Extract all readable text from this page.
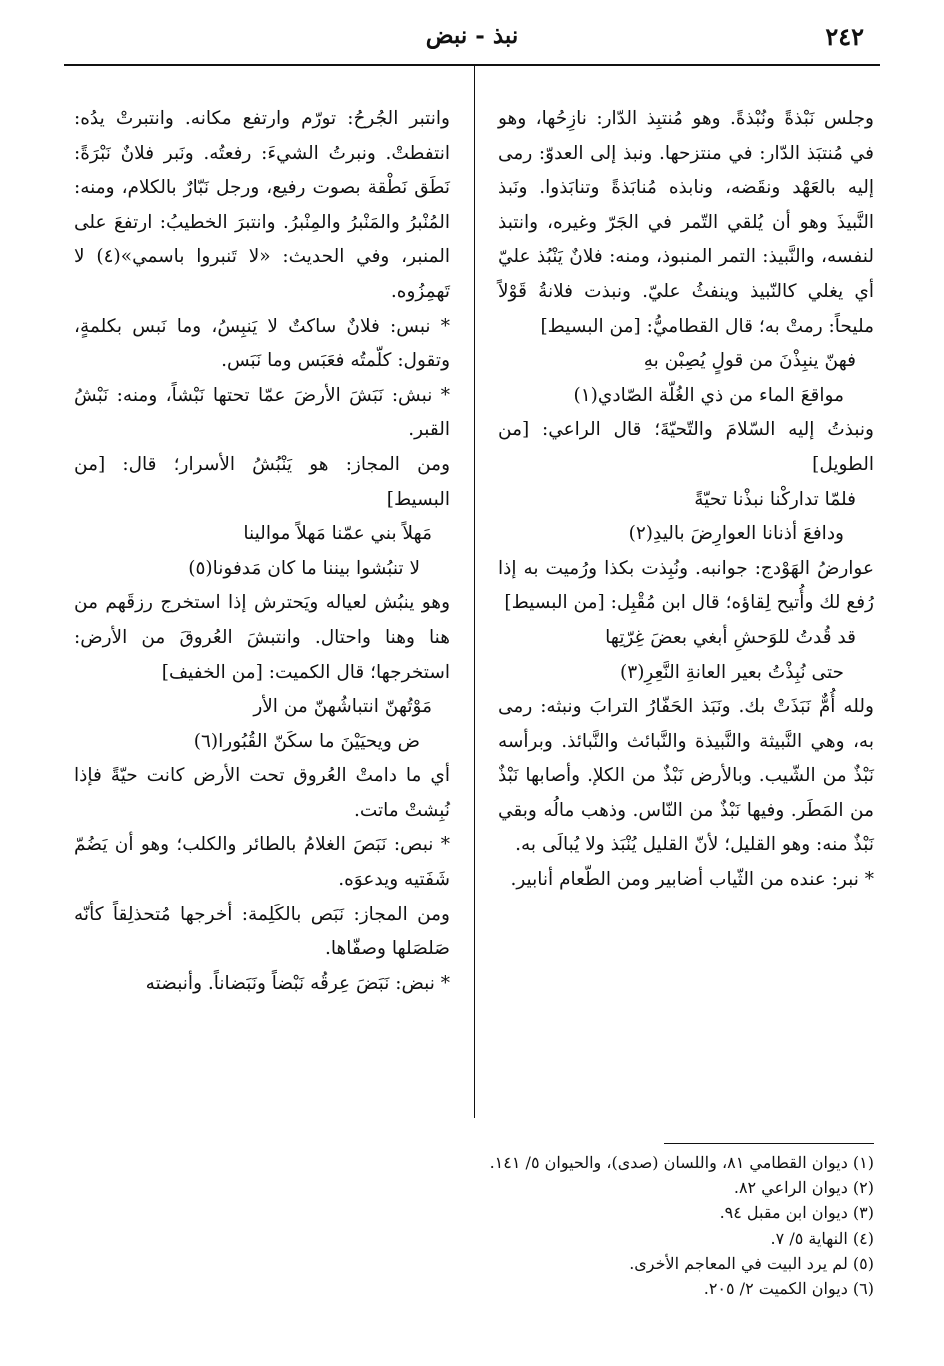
٢٤٢
نبذ - نبض

وجلس نَبْذةً ونُبْذةً. وهو مُنتبِذ الدّار: نازِحُها، وهو في مُنتبَذ الدّار: في منتزحها. ونبذ إلى العدوّ: رمى إليه بالعَهْد ونقَضه، ونابذه مُنابَذةً وتنابَذوا. ونَبذ النَّبيذَ وهو أن يُلقي التّمر في الجَرّ وغيره، وانتبذ لنفسه، والنَّبيذ: التمر المنبوذ، ومنه: فلانٌ يَنْبُذ عليّ أي يغلي كالنّبيذ وينفثُ عليّ. ونبذت فلانةُ قَوْلاً مليحاً: رمتْ به؛ قال القطاميُّ: [من البسيط]

فهنّ ينبِذْنَ من قولٍ يُصِبْن بهِ
مواقعَ الماء من ذي الغُلّة الصّادي(١)

ونبذتُ إليه السّلامَ والتّحيّةَ؛ قال الراعي: [من الطويل]

فلمّا تداركْنا نبذْنا تحيّةً
ودافعَ أذنانا العوارِضَ باليدِ(٢)

عوارضُ الهَوْدج: جوانبه. ونُبِذت بكذا ورُميت به إذا رُفع لك وأُتيح لِقاؤه؛ قال ابن مُقْبِل: [من البسيط]

قد قُدتُ للوَحشِ أبغي بعضَ غِرّتِها
حتى نُبِذْتُ بعير العانةِ النَّعِرِ(٣)

ولله أُمٌّ نَبَذَتْ بك. ونَبَذ الحَفّارُ الترابَ ونبثه: رمى به، وهي النَّبيثة والنَّبيذة والنَّبائث والنَّبائذ. وبرأسه نَبْذٌ من الشّيب. وبالأرض نَبْذٌ من الكلإ. وأصابها نَبْذٌ من المَطَر. وفيها نَبْذٌ من النّاس. وذهب مالُه وبقي نَبْذٌ منه: وهو القليل؛ لأنّ القليل يُنْبَذ ولا يُبالَى به.

* نبر: عنده من الثّياب أضابير ومن الطّعام أنابير.

وانتبر الجُرحُ: تورّم وارتفع مكانه. وانتبرتْ يدُه: انتفطتْ. ونبرتُ الشيءَ: رفعتُه. ونَبر فلانٌ نَبْرَةً: نَطَق نَطْقة بصوت رفيع، ورجل نَبّارٌ بالكلام، ومنه: المُنْبرُ والمَنْبرُ والمِنْبرُ. وانتبرَ الخطيبُ: ارتفعَ على المنبر، وفي الحديث: «لا تَنبروا باسمي»(٤) لا تَهمِزُوه.

* نبس: فلانٌ ساكتٌ لا يَنبِسُ، وما نَبس بكلمةٍ، وتقول: كلّمتُه فعَبَس وما نَبَس.

* نبش: نَبَشَ الأرضَ عمّا تحتها نَبْشاً، ومنه: نَبْشُ القبر.

ومن المجاز: هو يَنْبُشُ الأسرار؛ قال: [من البسيط]

مَهلاً بني عمّنا مَهلاً موالينا
لا تنبُشوا بيننا ما كان مَدفونا(٥)

وهو ينبُش لعياله ويَحترش إذا استخرج رزقَهم من هنا وهنا واحتال. وانتبشَ العُروقَ من الأرض: استخرجها؛ قال الكميت: [من الخفيف]

مَوْتُهنّ انتباشُهنّ من الأر
ض ويحيَيْنَ ما سكَنّ القُبُورا(٦)

أي ما دامتْ العُروق تحت الأرض كانت حيّةً فإذا نُبِشتْ ماتت.

* نبص: نَبَصَ الغلامُ بالطائر والكلب؛ وهو أن يَضُمّ شَفَتيه ويدعوَه.

ومن المجاز: نَبَص بالكَلِمة: أخرجها مُتحذلِقاً كأنّه صَلصَلها وصفّاها.

* نبض: نَبَضَ عِرقُه نَبْضاً ونَبَضاناً. وأنبضته

(١) ديوان القطامي ٨١، واللسان (صدى)، والحيوان ٥/ ١٤١.
(٢) ديوان الراعي ٨٢.
(٣) ديوان ابن مقبل ٩٤.
(٤) النهاية ٥/ ٧.
(٥) لم يرد البيت في المعاجم الأخرى.
(٦) ديوان الكميت ٢/ ٢٠٥.
